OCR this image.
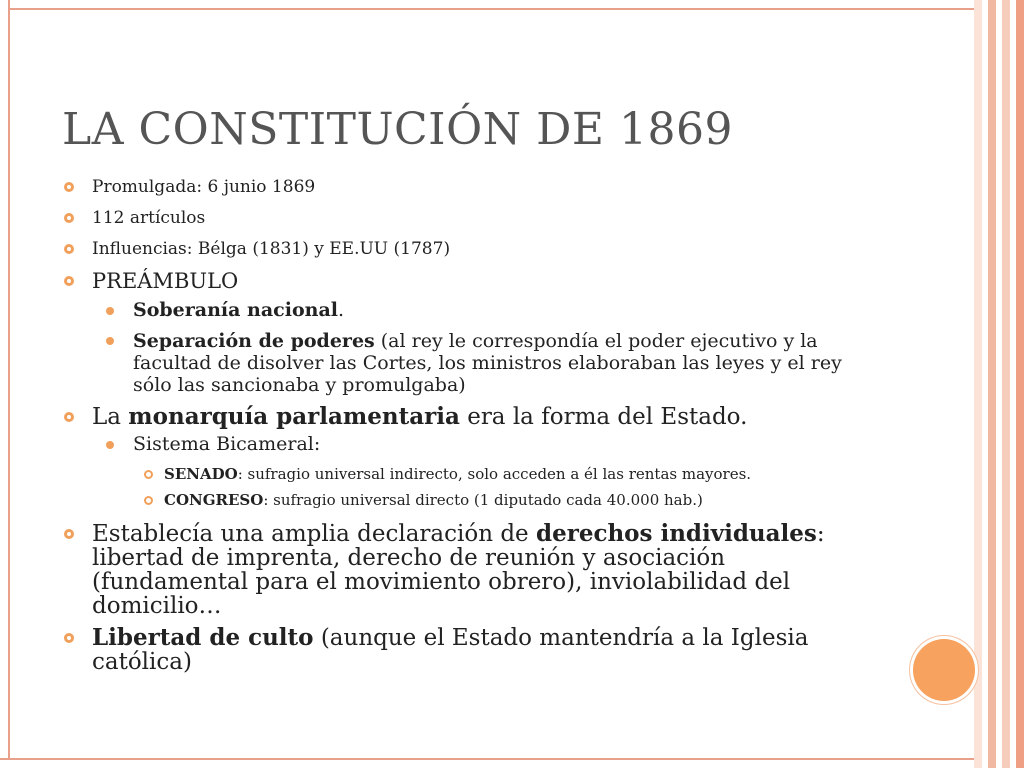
LA CONSTITUCIÓN DE 1869
Promulgada: 6 junio 1869
112 artículos
Influencias: Bélga (1831) y EE.UU (1787)
PREÁMBULO
Soberanía nacional.
Separación de poderes (al rey le correspondía el poder ejecutivo y la facultad de disolver las Cortes, los ministros elaboraban las leyes y el rey sólo las sancionaba y promulgaba)
La monarquía parlamentaria era la forma del Estado.
Sistema Bicameral:
SENADO: sufragio universal indirecto, solo acceden a él las rentas mayores.
CONGRESO: sufragio universal directo (1 diputado cada 40.000 hab.)
Establecía una amplia declaración de derechos individuales: libertad de imprenta, derecho de reunión y asociación (fundamental para el movimiento obrero), inviolabilidad del domicilio…
Libertad de culto (aunque el Estado mantendría a la Iglesia católica)
